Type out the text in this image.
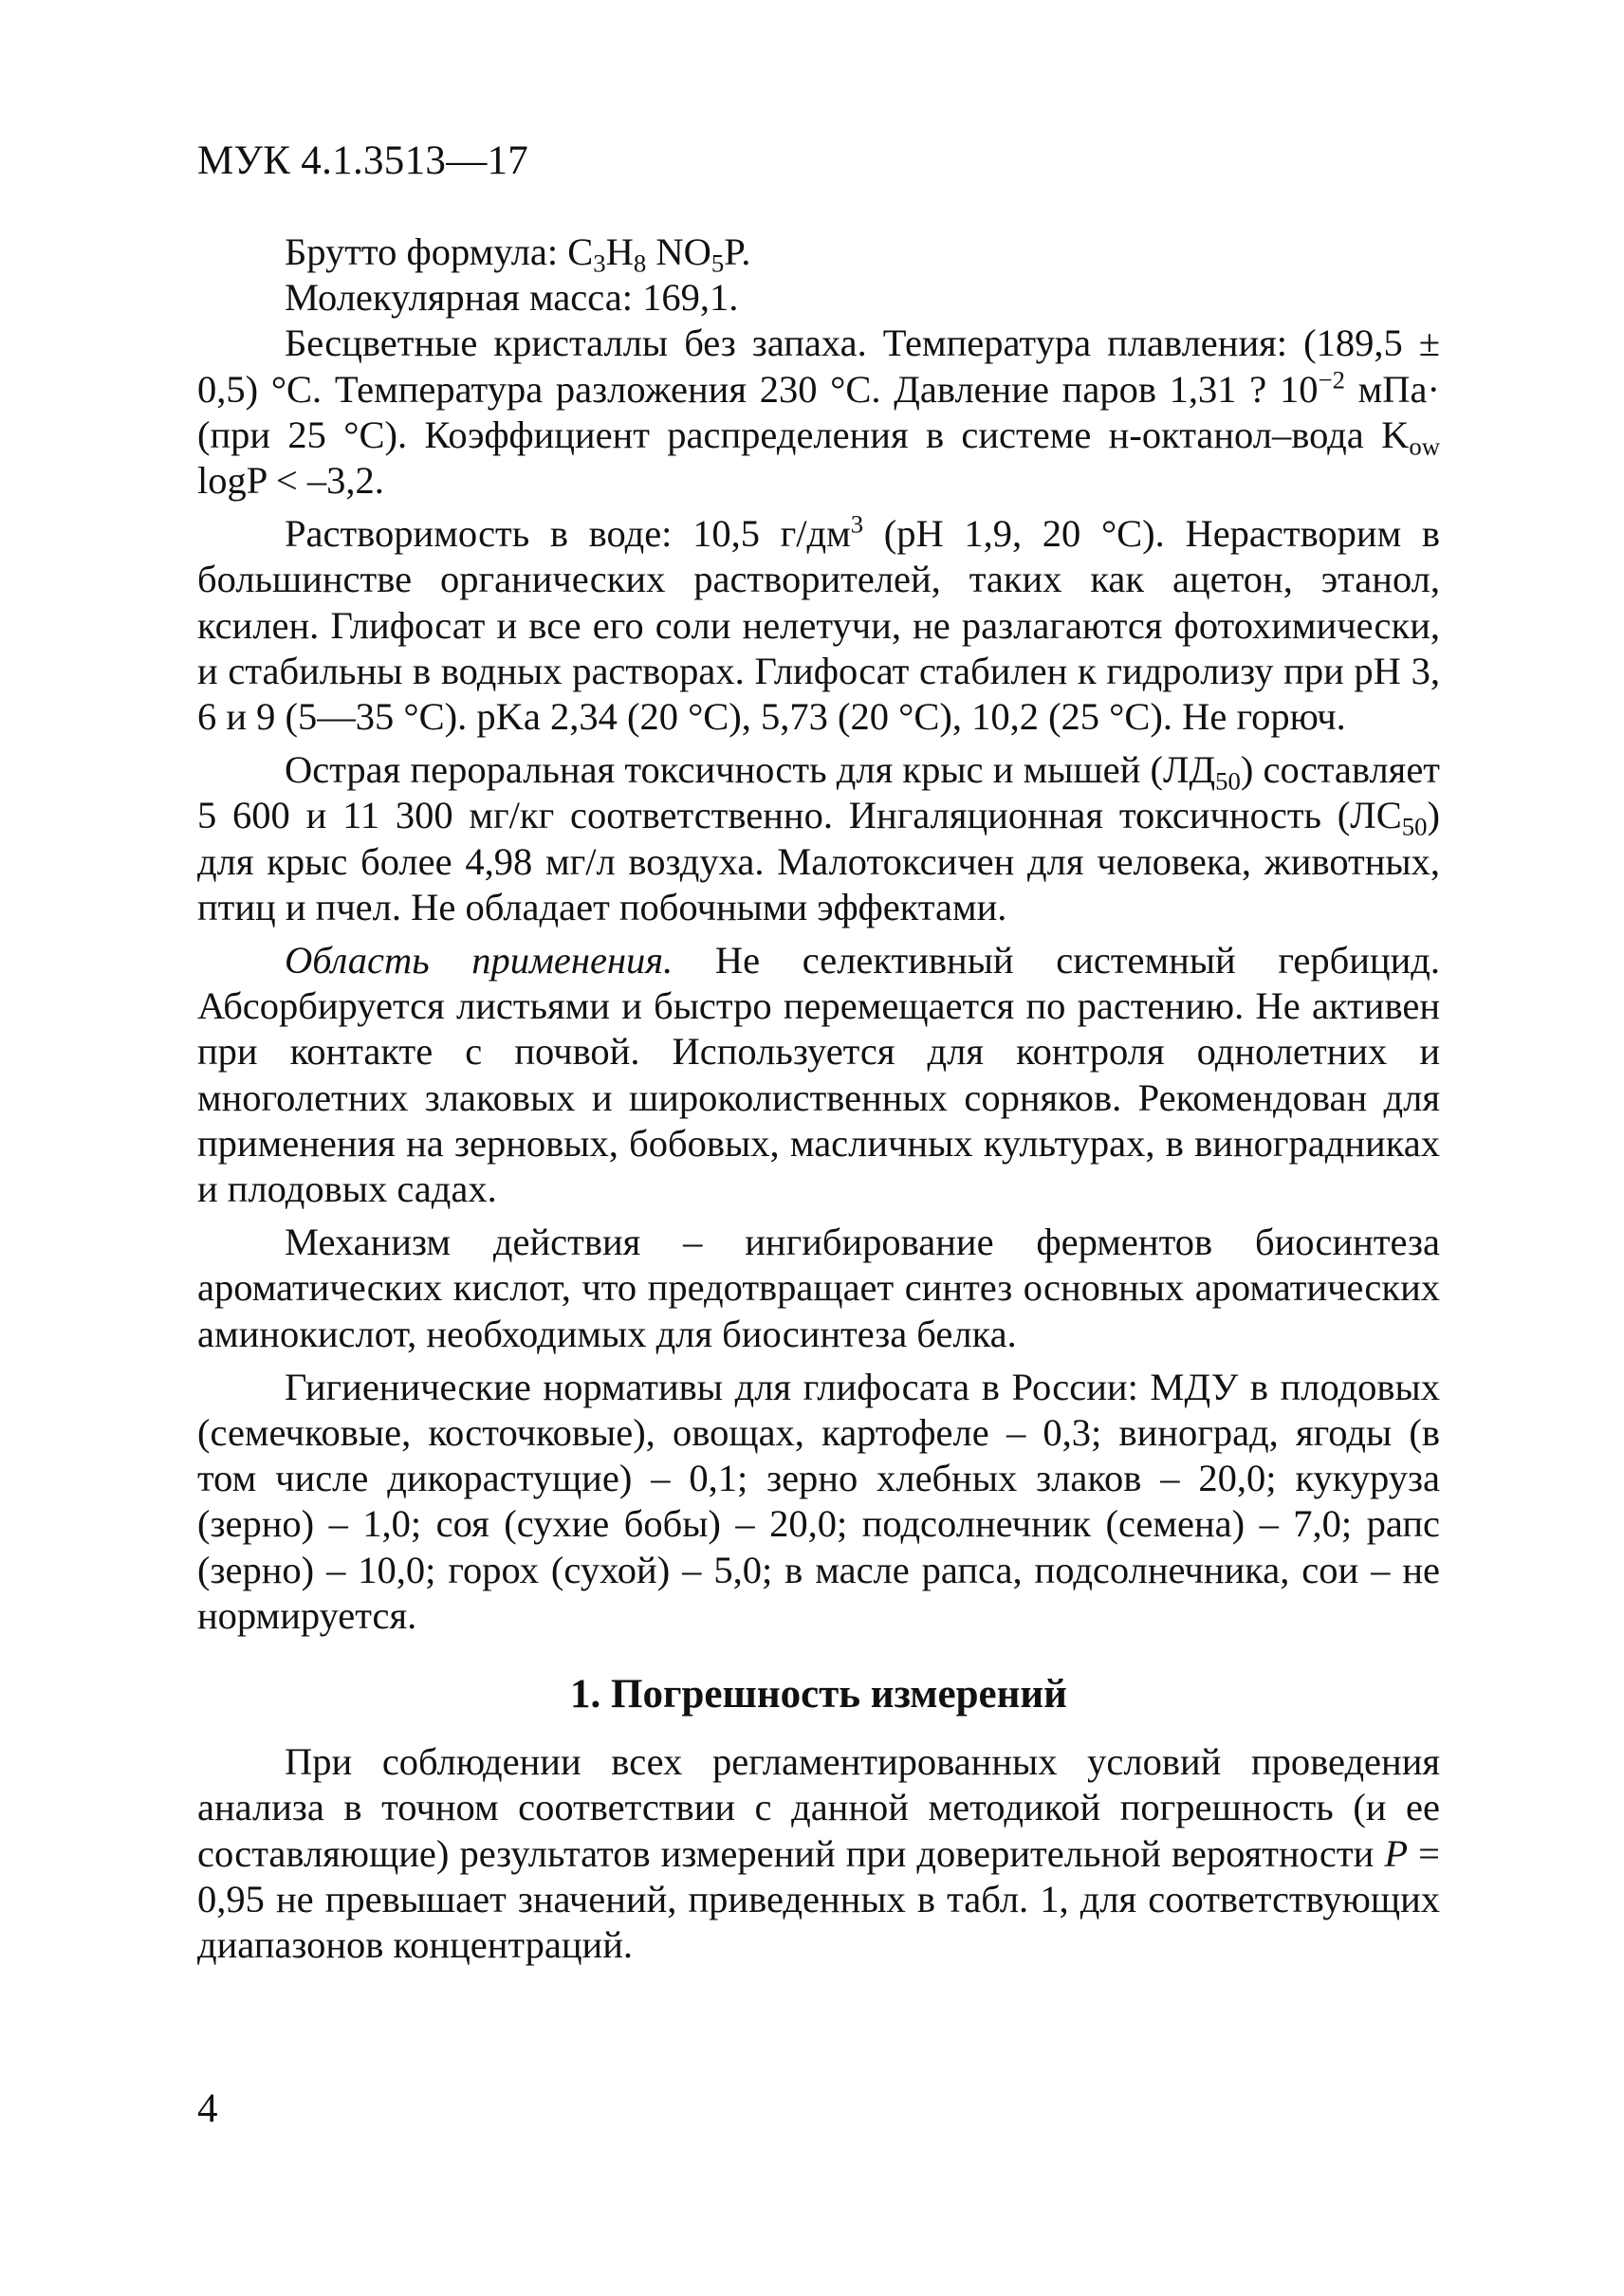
МУК 4.1.3513—17

Брутто формула: $C_3H_8$ $NO_5P$.

Молекулярная масса: 169,1.

Бесцветные кристаллы без запаха. Температура плавления: (189,5 ± 0,5) °С. Температура разложения 230 °С. Давление паров 1,31 ? $10^{-2}$ мПа· (при 25 °С). Коэффициент распределения в системе н-октанол–вода $K_{ow}$ logP < –3,2.

Растворимость в воде: 10,5 $г/дм^3$ (рН 1,9, 20 °С). Нерастворим в большинстве органических растворителей, таких как ацетон, этанол, ксилен. Глифосат и все его соли нелетучи, не разлагаются фотохимически, и стабильны в водных растворах. Глифосат стабилен к гидролизу при рН 3, 6 и 9 (5—35 °С). pKa 2,34 (20 °С), 5,73 (20 °С), 10,2 (25 °С). Не горюч.

Острая пероральная токсичность для крыс и мышей $(ЛД_{50})$ составляет 5 600 и 11 300 мг/кг соответственно. Ингаляционная токсичность $(ЛС_{50})$ для крыс более 4,98 мг/л воздуха. Малотоксичен для человека, животных, птиц и пчел. Не обладает побочными эффектами.

Область применения. Не селективный системный гербицид. Абсорбируется листьями и быстро перемещается по растению. Не активен при контакте с почвой. Используется для контроля однолетних и многолетних злаковых и широколиственных сорняков. Рекомендован для применения на зерновых, бобовых, масличных культурах, в виноградниках и плодовых садах.

Механизм действия – ингибирование ферментов биосинтеза ароматических кислот, что предотвращает синтез основных ароматических аминокислот, необходимых для биосинтеза белка.

Гигиенические нормативы для глифосата в России: МДУ в плодовых (семечковые, косточковые), овощах, картофеле – 0,3; виноград, ягоды (в том числе дикорастущие) – 0,1; зерно хлебных злаков – 20,0; кукуруза (зерно) – 1,0; соя (сухие бобы) – 20,0; подсолнечник (семена) – 7,0; рапс (зерно) – 10,0; горох (сухой) – 5,0; в масле рапса, подсолнечника, сои – не нормируется.

1. Погрешность измерений

При соблюдении всех регламентированных условий проведения анализа в точном соответствии с данной методикой погрешность (и ее составляющие) результатов измерений при доверительной вероятности P = 0,95 не превышает значений, приведенных в табл. 1, для соответствующих диапазонов концентраций.

4
